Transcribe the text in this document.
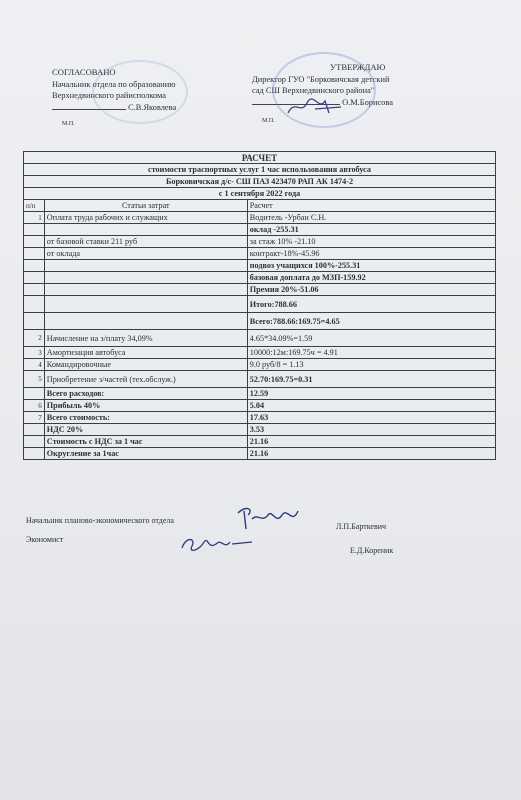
СОГЛАСОВАНО
Начальник отдела по образованию
Верхнедвинского райисполкома
С.В.Яковлева
М.П.
УТВЕРЖДАЮ
Директор ГУО "Борковичская детский
сад СШ Верхнедвинского района"
О.М.Борисова
М.П.
РАСЧЕТ		
стоимости траспортных услуг 1 час использования автобуса		
Борковичская д/с- СШ ПАЗ 423470 РАП АК 1474-2		
с 1 сентября 2022 года		
п/п	Статьи затрат	Расчет
1	Оплата труда рабочих и служащих	Водитель -Урбан С.Н.
		оклад -255.31
	от базовой ставки 211 руб	за стаж 10% -21.10
	от оклада	контракт-18%-45.96
		подвоз учащихся 100%-255.31
		базовая доплата до МЗП-159.92
		Премия 20%-51.06
		Итого:788.66
		Всего:788.66:169.75=4.65
2	Начисление на з/плату 34,09%	4.65*34.09%=1.59
3	Амортизация автобуса	10000:12м:169.75ч = 4.91
4	Командировочные	9.0 руб/8 = 1.13
5	Приобретение з/частей (тех.обслуж.)	52.70:169.75=0.31
	Всего расходов:	12.59
6	Прибыль 40%	5.04
7	Всего стоимость:	17.63
	НДС 20%	3.53
	Стоимость с НДС за 1 час	21.16
	Округление за 1час	21.16
Начальник планово-экономического отдела
Л.П.Барткевич
Экономист
Е.Д.Кореник
